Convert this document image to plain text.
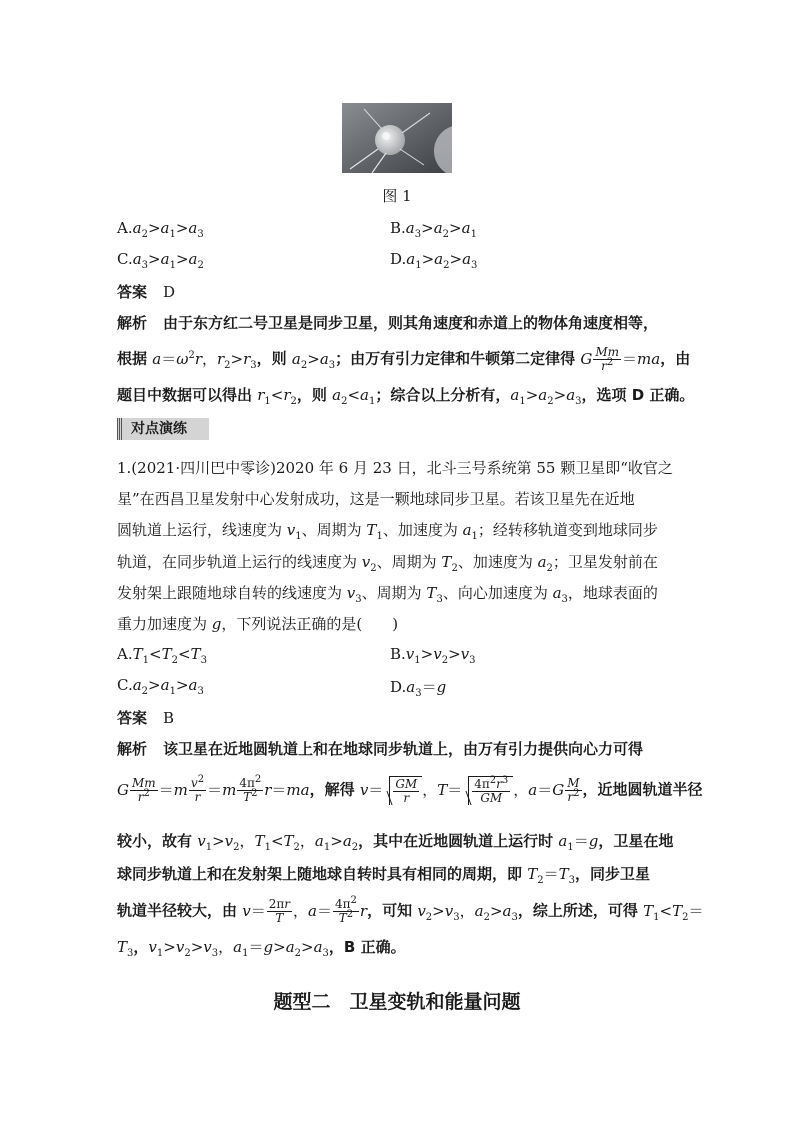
图 1
$A.a_2>a_1>a_3$	$B.a_3>a_2>a_1$
$C.a_3>a_1>a_2$	$D.a_1>a_2>a_3$
答案 D
解析 由于东方红二号卫星是同步卫星，则其角速度和赤道上的物体角速度相等，
根据 $a=\omega^2r$，$r_2>r_3$，则 $a_2>a_3$；由万有引力定律和牛顿第二定律得 G $\frac{Mm}{r^2} =ma$，由
题目中数据可以得出 $r_1<r_2$，则 $a_2<a_1$；综合以上分析有，$a_1>a_2>a_3$，选项 D 正确。
对点演练
1.(2021·四川巴中零诊)2020 年 6 月 23 日，北斗三号系统第 55 颗卫星即“收官之
星”在西昌卫星发射中心发射成功，这是一颗地球同步卫星。若该卫星先在近地
圆轨道上运行，线速度为 $v_1$、周期为 $T_1$、加速度为 $a_1$；经转移轨道变到地球同步
轨道，在同步轨道上运行的线速度为 $v_2$、周期为 $T_2$、加速度为 $a_2$；卫星发射前在
发射架上跟随地球自转的线速度为 $v_3$、周期为 $T_3$、向心加速度为 $a_3$，地球表面的
重力加速度为 g，下列说法正确的是(　　)
$A.T_1<T_2<T_3$	$B.v_1>v_2>v_3$
$C.a_2>a_1>a_3$	$D.a_3=g$
答案 B
解析 该卫星在近地圆轨道上和在地球同步轨道上，由万有引力提供向心力可得
G $\frac{Mm}{r^2} =m \frac{v^2}{r} =m \frac{4\pi^2}{T^2} r=ma$，解得 $v= \frac{GM}{r}$ ，$T= \frac{4\pi^2r^3}{GM}$ ，$a=G \frac{M}{r^2}$ ，近地圆轨道半径
较小，故有 $v_1>v_2$，$T_1<T_2$，$a_1>a_2$，其中在近地圆轨道上运行时 $a_1=g$，卫星在地
球同步轨道上和在发射架上随地球自转时具有相同的周期，即 $T_2=T_3$，同步卫星
轨道半径较大，由 $v= \frac{2\pi r}{T}$ ，$a= \frac{4\pi^2}{T^2}$ r，可知 $v_2>v_3$，$a_2>a_3$，综上所述，可得 $T_1<T_2=$
$T_3$，$v_1>v_2>v_3$，$a_1=g>a_2>a_3$，B 正确。
题型二　卫星变轨和能量问题
